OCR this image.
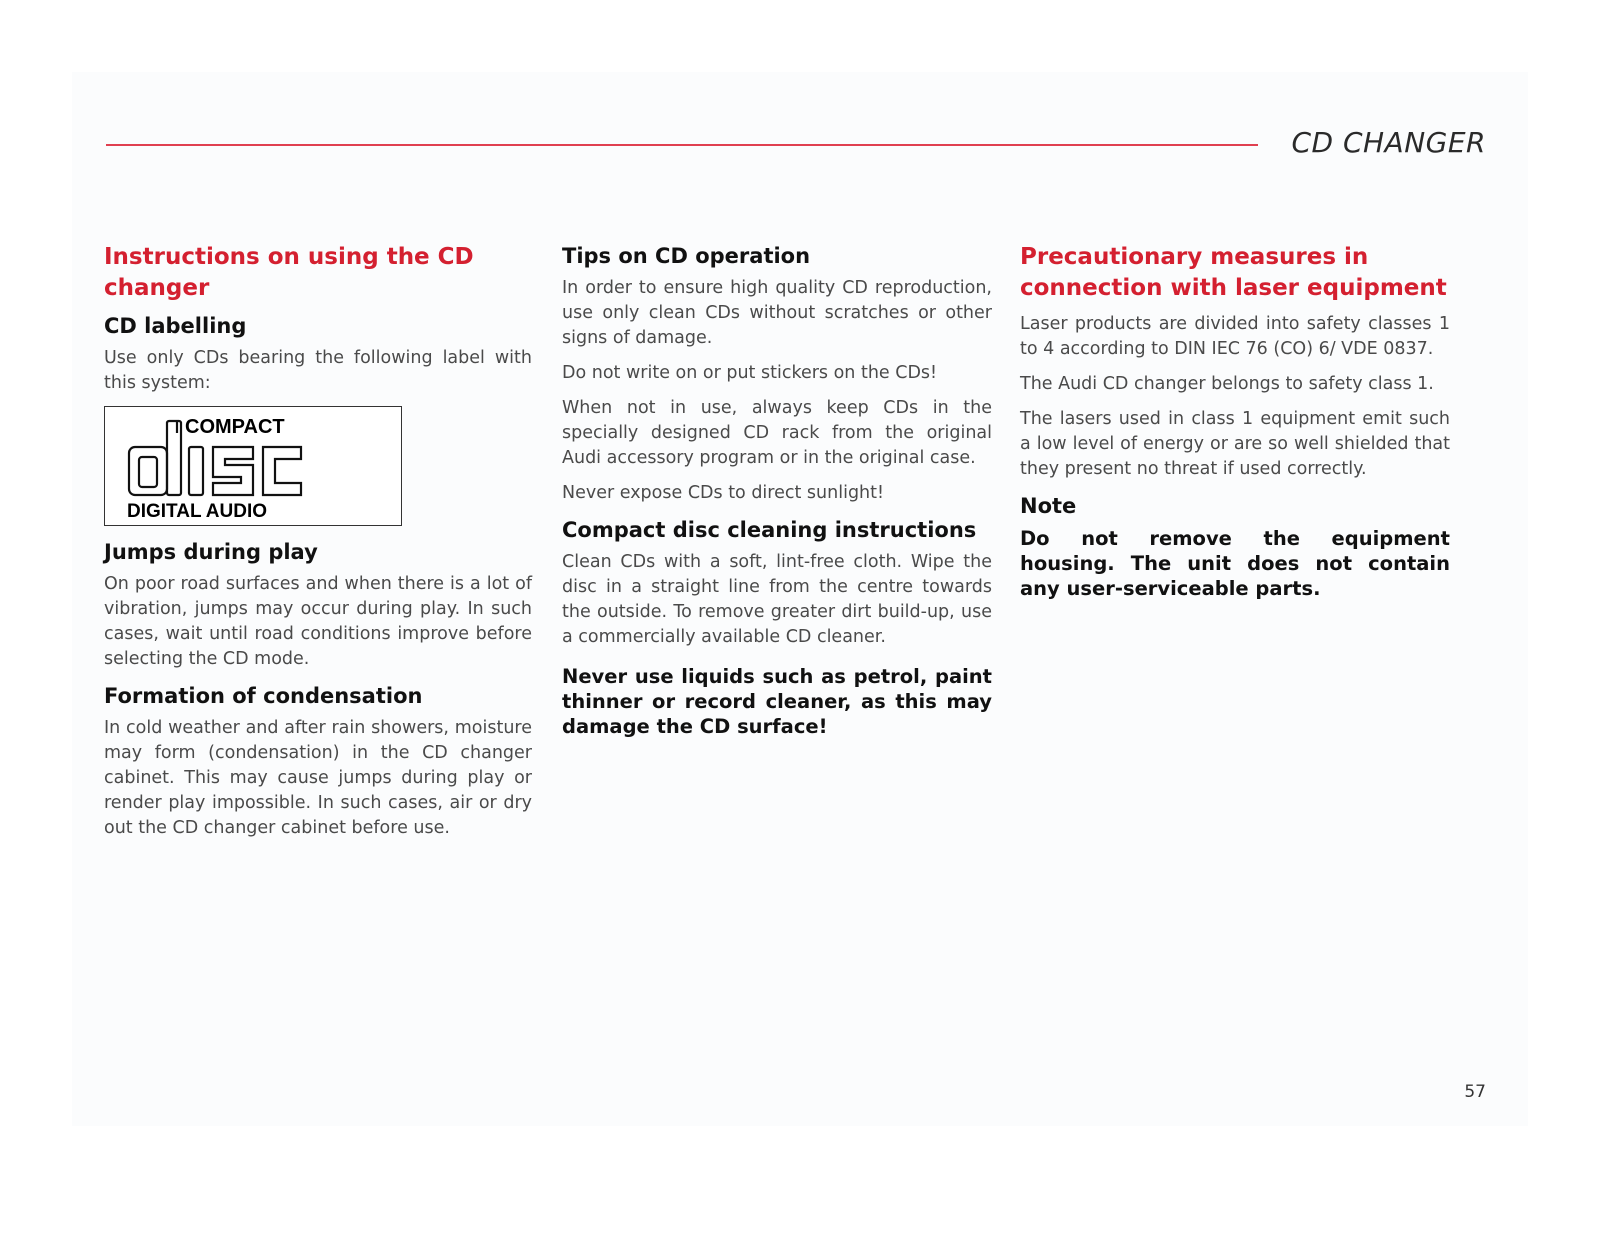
CD CHANGER
Instructions on using the CD changer
CD labelling

Use only CDs bearing the following label with this system:

COMPACT
DIGITAL AUDIO
Jumps during play

On poor road surfaces and when there is a lot of vibration, jumps may occur during play. In such cases, wait until road conditions improve before selecting the CD mode.

Formation of condensation

In cold weather and after rain showers, moisture may form (condensation) in the CD changer cabinet. This may cause jumps during play or render play impossible. In such cases, air or dry out the CD changer cabinet before use.

Tips on CD operation

In order to ensure high quality CD reproduction, use only clean CDs without scratches or other signs of damage.

Do not write on or put stickers on the CDs!

When not in use, always keep CDs in the specially designed CD rack from the original Audi accessory program or in the original case.

Never expose CDs to direct sunlight!

Compact disc cleaning instructions

Clean CDs with a soft, lint-free cloth. Wipe the disc in a straight line from the centre towards the outside. To remove greater dirt build-up, use a commercially available CD cleaner.

Never use liquids such as petrol, paint thinner or record cleaner, as this may damage the CD surface!

Precautionary measures in connection with laser equipment

Laser products are divided into safety classes 1 to 4 according to DIN IEC 76 (CO) 6/ VDE 0837.

The Audi CD changer belongs to safety class 1.

The lasers used in class 1 equipment emit such a low level of energy or are so well shielded that they present no threat if used correctly.

Note

Do not remove the equipment housing. The unit does not contain any user-serviceable parts.

57
